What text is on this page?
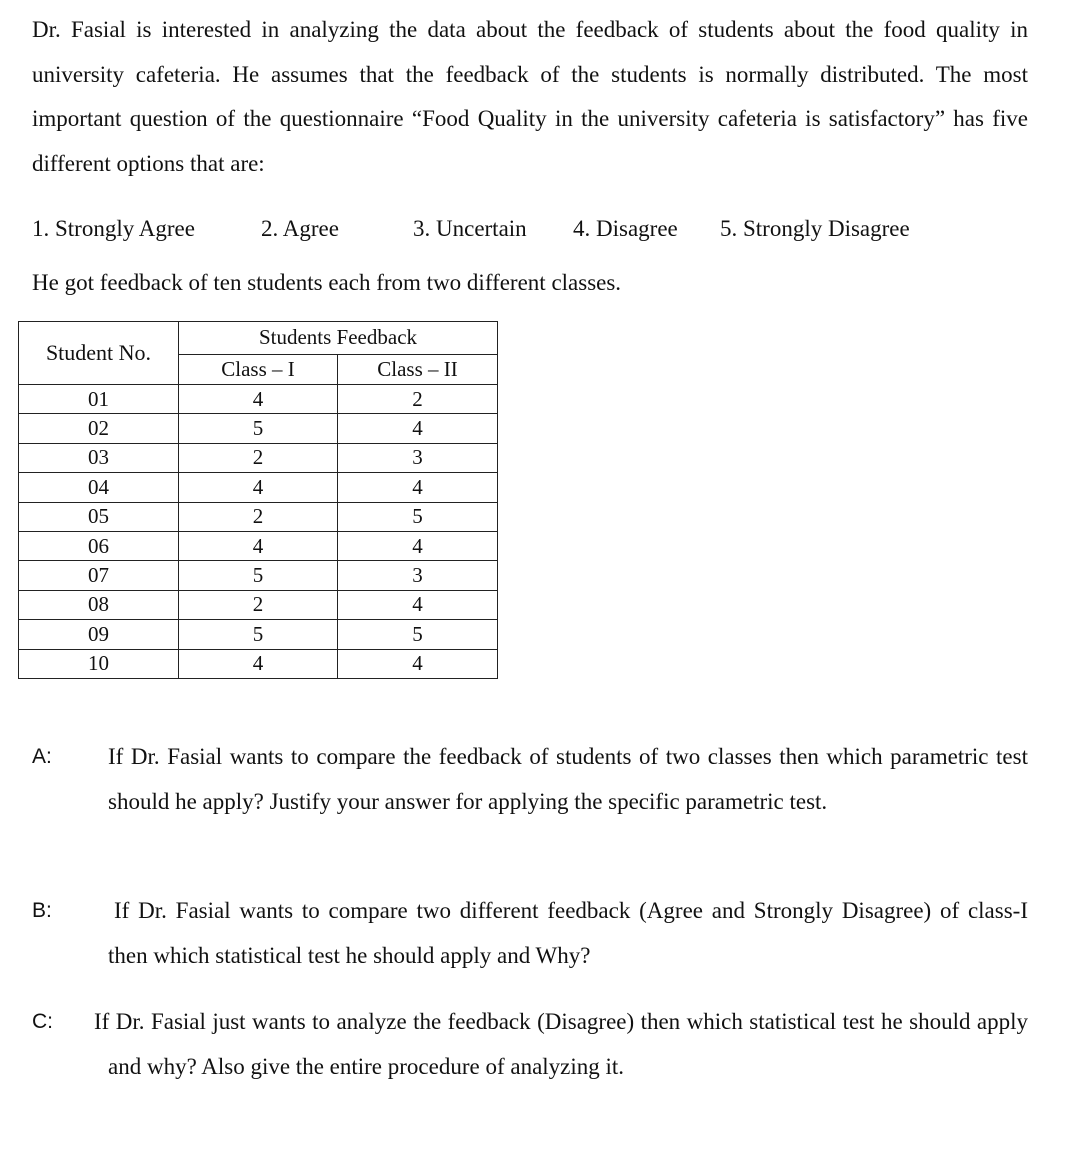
Dr. Fasial is interested in analyzing the data about the feedback of students about the food quality in university cafeteria. He assumes that the feedback of the students is normally distributed. The most important question of the questionnaire “Food Quality in the university cafeteria is satisfactory” has five different options that are:

1. Strongly Agree	2. Agree	3. Uncertain 4. Disagree 5. Strongly Disagree
He got feedback of ten students each from two different classes.
Student No.	Students Feedback	
	Class – I	Class – II
01	4	2
02	5	4
03	2	3
04	4	4
05	2	5
06	4	4
07	5	3
08	2	4
09	5	5
10	4	4
A: If Dr. Fasial wants to compare the feedback of students of two classes then which parametric test should he apply? Justify your answer for applying the specific parametric test.

B:	If Dr. Fasial wants to compare two different feedback (Agree and Strongly Disagree) of class-I then which statistical test he should apply and Why?

C: If Dr. Fasial just wants to analyze the feedback (Disagree) then which statistical test he should apply and why? Also give the entire procedure of analyzing it.
